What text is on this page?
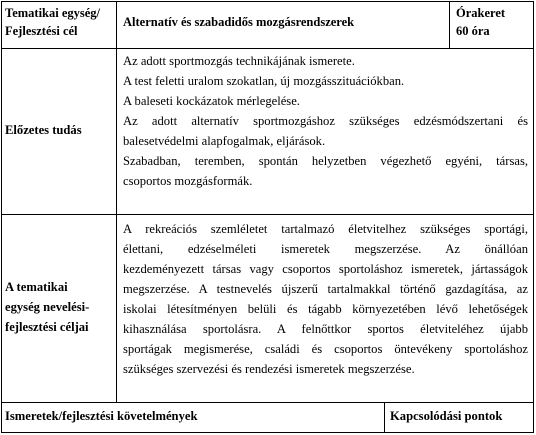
Tematikai egység/
Fejlesztési cél
Alternatív és szabadidős mozgásrendszerek
Órakeret
60 óra
Előzetes tudás

Az adott sportmozgás technikájának ismerete.

A test feletti uralom szokatlan, új mozgásszituációkban.

A baleseti kockázatok mérlegelése.

Az adott alternatív sportmozgáshoz szükséges edzésmódszertani és

balesetvédelmi alapfogalmak, eljárások.

Szabadban, teremben, spontán helyzetben végezhető egyéni, társas,

csoportos mozgásformák.

A tematikai
egység nevelési-
fejlesztési céljai

A rekreációs szemléletet tartalmazó életvitelhez szükséges sportági,

élettani, edzéselméleti ismeretek megszerzése. Az önállóan

kezdeményezett társas vagy csoportos sportoláshoz ismeretek, jártasságok

megszerzése. A testnevelés újszerű tartalmakkal történő gazdagítása, az

iskolai létesítményen belüli és tágabb környezetében lévő lehetőségek

kihasználása sportolásra. A felnőttkor sportos életviteléhez újabb

sportágak megismerése, családi és csoportos öntevékeny sportoláshoz

szükséges szervezési és rendezési ismeretek megszerzése.

Ismeretek/fejlesztési követelmények	Kapcsolódási pontok
